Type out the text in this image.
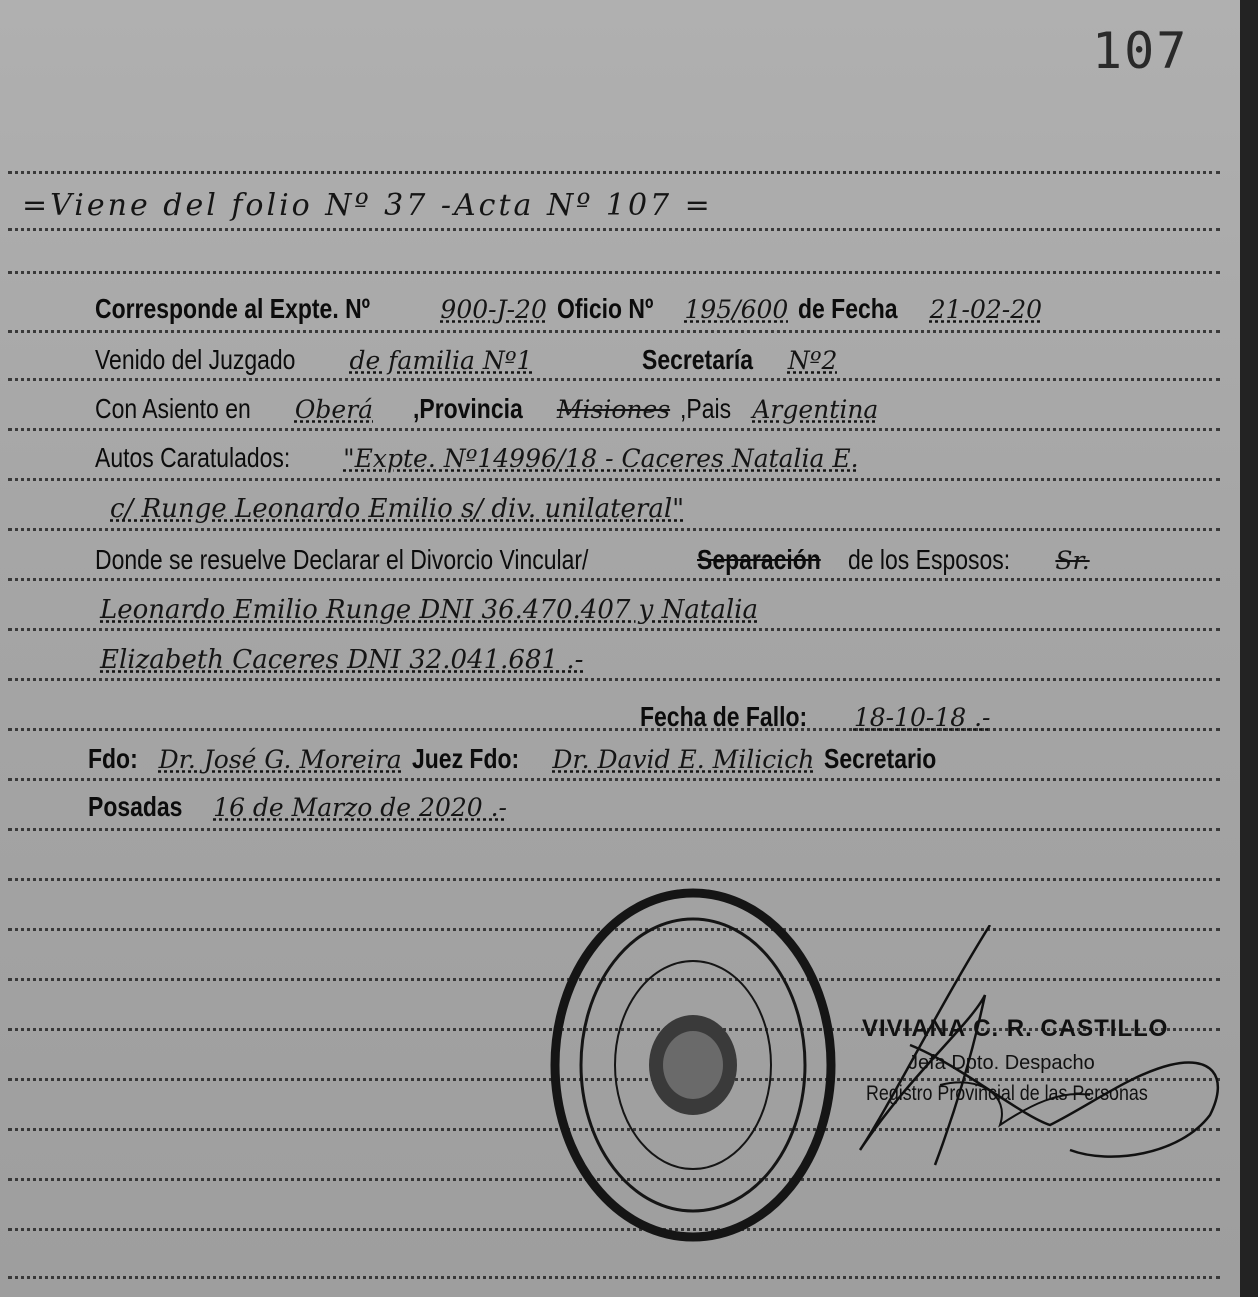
107
=Viene del folio Nº 37 -Acta Nº 107 =
Corresponde al Expte. Nº	900-J-20 Oficio Nº 195/600 de Fecha 21-02-20
Venido del Juzgado de familia Nº1	Secretaría Nº2
Con Asiento en Oberá ,Provincia Misiones ,Pais Argentina
Autos Caratulados: "Expte. Nº14996/18 - Caceres Natalia E.
c/ Runge Leonardo Emilio s/ div. unilateral"
Donde se resuelve Declarar el Divorcio Vincular/	Separaciónde los Esposos: Sr.
Leonardo Emilio Runge DNI 36.470.407 y Natalia
Elizabeth Caceres DNI 32.041.681 .-
Fecha de Fallo: 18-10-18 .-
Fdo: Dr. José G. Moreira Juez Fdo: Dr. David E. Milicich Secretario
Posadas 16 de Marzo de 2020 .-
VIVIANA C. R. CASTILLO
Jefa Dpto. Despacho
Registro Provincial de las Personas
